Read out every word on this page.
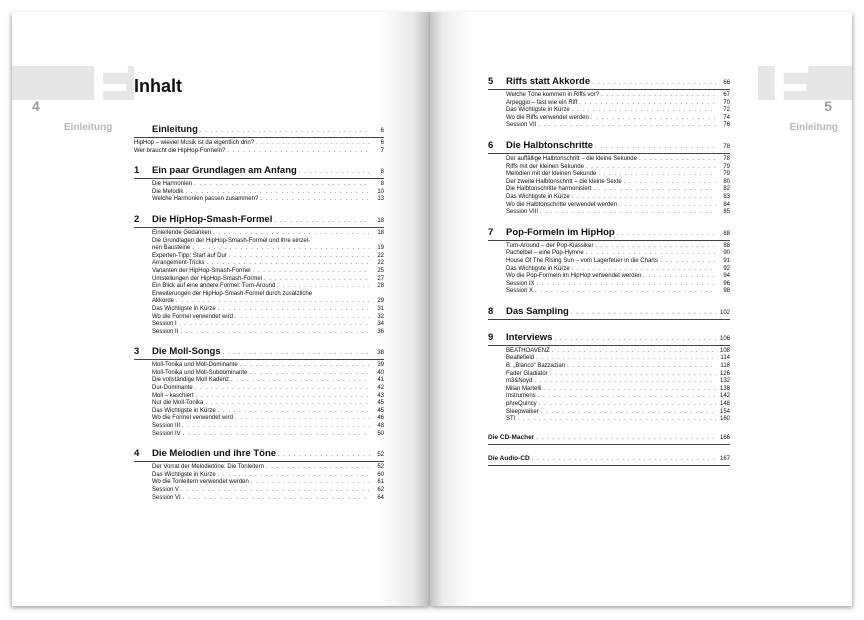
E
4
Einleitung
Inhalt
Einleitung . . .	6
HipHop – wieviel Musik ist da eigentlich drin? . . .	6
Wer braucht die HipHop-Formeln? . . .	7
1	Ein paar Grundlagen am Anfang . . .	8
Die Harmonien . . .	8
Die Melodik . . .	10
Welche Harmonien passen zusammen? . . .	13
2	Die HipHop-Smash-Formel . . .	18
Einleitende Gedanken . . .	18
Die Grundlagen der HipHop-Smash-Formel und ihre einzel-
nen Bausteine . . .	19
Experten-Tipp: Start auf Dur . . .	22
Arrangement-Tricks . . .	22
Varianten der HipHop-Smash-Formel . . .	25
Umstellungen der HipHop-Smash-Formel . . .	27
Ein Blick auf eine andere Formel: Turn-Around . . .	28
Erweiterungen der HipHop-Smash-Formel durch zusätzliche
Akkorde . . .	29
Das Wichtigste in Kürze . . .	31
Wo die Formel verwendet wird . . .	32
Session I . . .	34
Session II . . .	36
3	Die Moll-Songs . . .	38
Moll-Tonika und Moll-Dominante . . .	39
Moll-Tonika und Moll-Subdominante . . .	40
Die vollständige Moll Kadenz . . .	41
Dur-Dominante . . .	42
Moll – kaschiert . . .	43
Nur die Moll-Tonika . . .	45
Das Wichtigste in Kürze . . .	45
Wo die Formel verwendet wird . . .	46
Session III . . .	48
Session IV . . .	50
4	Die Melodien und ihre Töne . . .	52
Der Vorrat der Melodietöne: Die Tonleitern . . .	52
Das Wichtigste in Kürze . . .	60
Wo die Tonleitern verwendet werden . . .	61
Session V . . .	62
Session VI . . .	64
E 5
Einleitung
5	Riffs statt Akkorde . . .	66
Welche Töne kommen in Riffs vor? . . .	67
Arpeggio – fast wie ein Riff . . .	70
Das Wichtigste in Kürze . . .	72
Wo die Riffs verwendet werden . . .	74
Session VII . . .	76
6	Die Halbtonschritte . . .	78
Der auffällige Halbtonschritt – die kleine Sekunde . . .	78
Riffs mit der kleinen Sekunde . . .	79
Melodien mit der kleinen Sekunde . . .	79
Der zweite Halbtonschritt – die kleine Sexte . . .	80
Die Halbtonschritte harmonisiert . . .	82
Das Wichtigste in Kürze . . .	83
Wo die Halbtonschritte verwendet werden . . .	84
Session VIII . . .	85
7	Pop-Formeln im HipHop . . .	88
Turn-Around – der Pop-Klassiker . . .	88
Pachelbel – eine Pop-Hymne . . .	90
House Of The Rising Sun – vom Lagerfeuer in die Charts . . .	91
Das Wichtigste in Kürze . . .	92
Wo die Pop-Formeln im HipHop verwendet werden . . .	94
Session IX . . .	96
Session X . . .	98
8	Das Sampling . . .	102
9	Interviews . . .	106
BEATHOAVENZ . . .	108
Beatlefield . . .	114
B. „Blanco“ Bazzazian . . .	118
Fader Gladiator . . .	126
m3&Noyd . . .	132
Milan Martelli . . .	138
Instrumens . . .	142
phreQuincy . . .	148
Sleepwalker . . .	154
STI . . .	160
Die CD-Macher . . .	166
Die Audio-CD . . .	167
